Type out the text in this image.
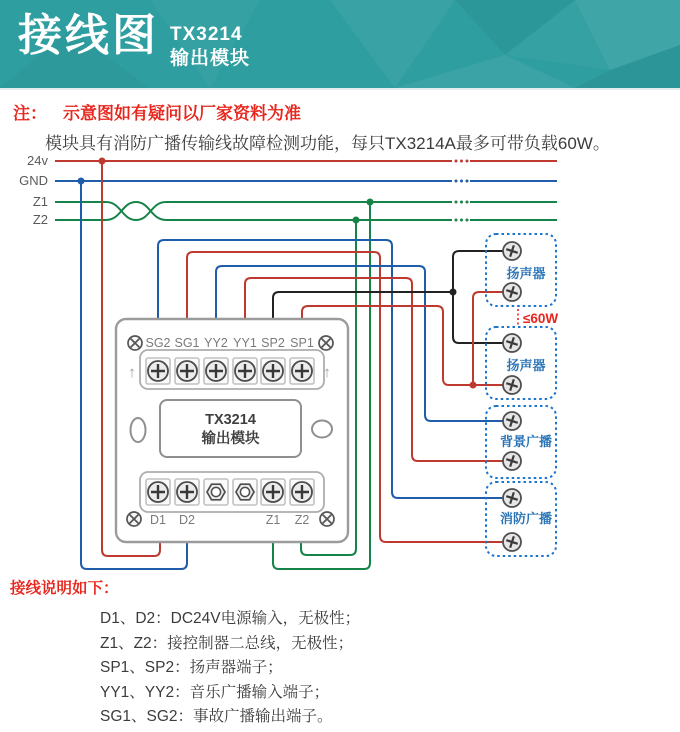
24v
GND
Z1
Z2
SG2 SG1 YY2 YY1 SP2 SP1
↑	↑
TX3214
输出模块
D1 D2	Z1 Z2
扬声器
≤60W
扬声器
背景广播
消防广播
接线图 TX3214
输出模块
注： 示意图如有疑问以厂家资料为准
模块具有消防广播传输线故障检测功能，每只TX3214A最多可带负载60W。
接线说明如下：
D1、D2：DC24V电源输入，无极性；
Z1、Z2：接控制器二总线，无极性；
SP1、SP2：扬声器端子；
YY1、YY2：音乐广播输入端子；
SG1、SG2：事故广播输出端子。
